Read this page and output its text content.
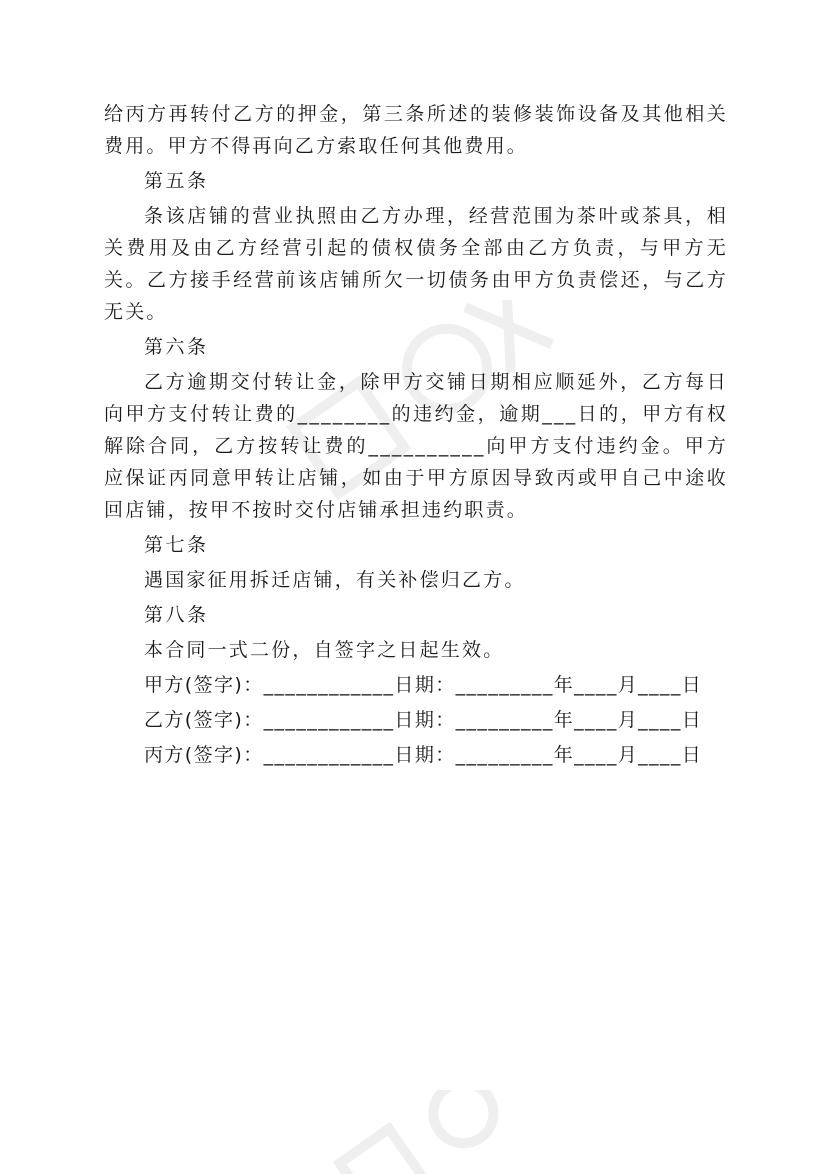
给丙方再转付乙方的押金，第三条所述的装修装饰设备及其他相关费用。甲方不得再向乙方索取任何其他费用。

第五条

条该店铺的营业执照由乙方办理，经营范围为茶叶或茶具，相关费用及由乙方经营引起的债权债务全部由乙方负责，与甲方无关。乙方接手经营前该店铺所欠一切债务由甲方负责偿还，与乙方无关。

第六条

乙方逾期交付转让金，除甲方交铺日期相应顺延外，乙方每日向甲方支付转让费的________的违约金，逾期___日的，甲方有权解除合同，乙方按转让费的__________向甲方支付违约金。甲方应保证丙同意甲转让店铺，如由于甲方原因导致丙或甲自己中途收回店铺，按甲不按时交付店铺承担违约职责。

第七条

遇国家征用拆迁店铺，有关补偿归乙方。

第八条

本合同一式二份，自签字之日起生效。

甲方(签字)：____________日期：_________年____月____日

乙方(签字)：____________日期：_________年____月____日

丙方(签字)：____________日期：_________年____月____日
